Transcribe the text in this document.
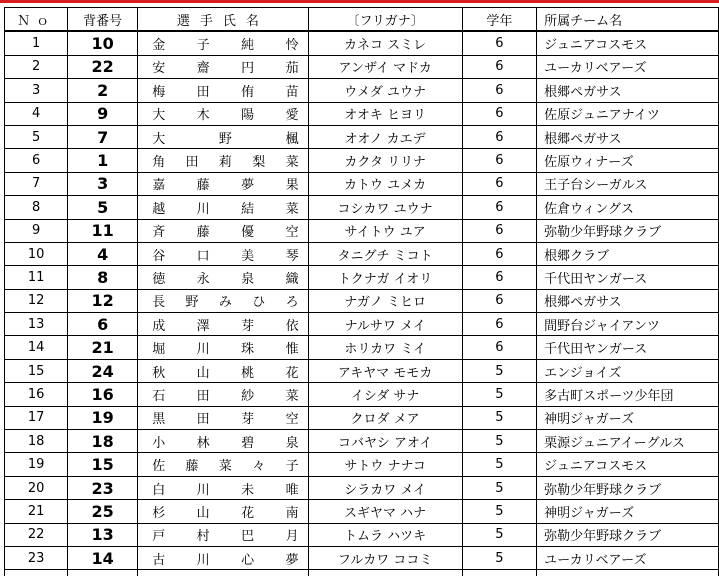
Ｎｏ	背番号	選手氏名	〔フリガナ〕	学年	所属チーム名
1	10	金子純怜	カネコ スミレ	6	ジュニアコスモス
2	22	安齋円茄	アンザイ マドカ	6	ユーカリベアーズ
3	2	梅田侑苗	ウメダ ユウナ	6	根郷ペガサス
4	9	大木陽愛	オオキ ヒヨリ	6	佐原ジュニアナイツ
5	7	大野楓	オオノ カエデ	6	根郷ペガサス
6	1	角田莉梨菜	カクタ リリナ	6	佐原ウィナーズ
7	3	嘉藤夢果	カトウ ユメカ	6	王子台シーガルス
8	5	越川結菜	コシカワ ユウナ	6	佐倉ウィングス
9	11	斉藤優空	サイトウ ユア	6	弥勒少年野球クラブ
10	4	谷口美琴	タニグチ ミコト	6	根郷クラブ
11	8	徳永泉織	トクナガ イオリ	6	千代田ヤンガース
12	12	長野みひろ	ナガノ ミヒロ	6	根郷ペガサス
13	6	成澤芽依	ナルサワ メイ	6	間野台ジャイアンツ
14	21	堀川珠惟	ホリカワ ミイ	6	千代田ヤンガース
15	24	秋山桃花	アキヤマ モモカ	5	エンジョイズ
16	16	石田紗菜	イシダ サナ	5	多古町スポーツ少年団
17	19	黒田芽空	クロダ メア	5	神明ジャガーズ
18	18	小林碧泉	コバヤシ アオイ	5	栗源ジュニアイーグルス
19	15	佐藤菜々子	サトウ ナナコ	5	ジュニアコスモス
20	23	白川未唯	シラカワ メイ	5	弥勒少年野球クラブ
21	25	杉山花南	スギヤマ ハナ	5	神明ジャガーズ
22	13	戸村巴月	トムラ ハツキ	5	弥勒少年野球クラブ
23	14	古川心夢	フルカワ ココミ	5	ユーカリベアーズ
